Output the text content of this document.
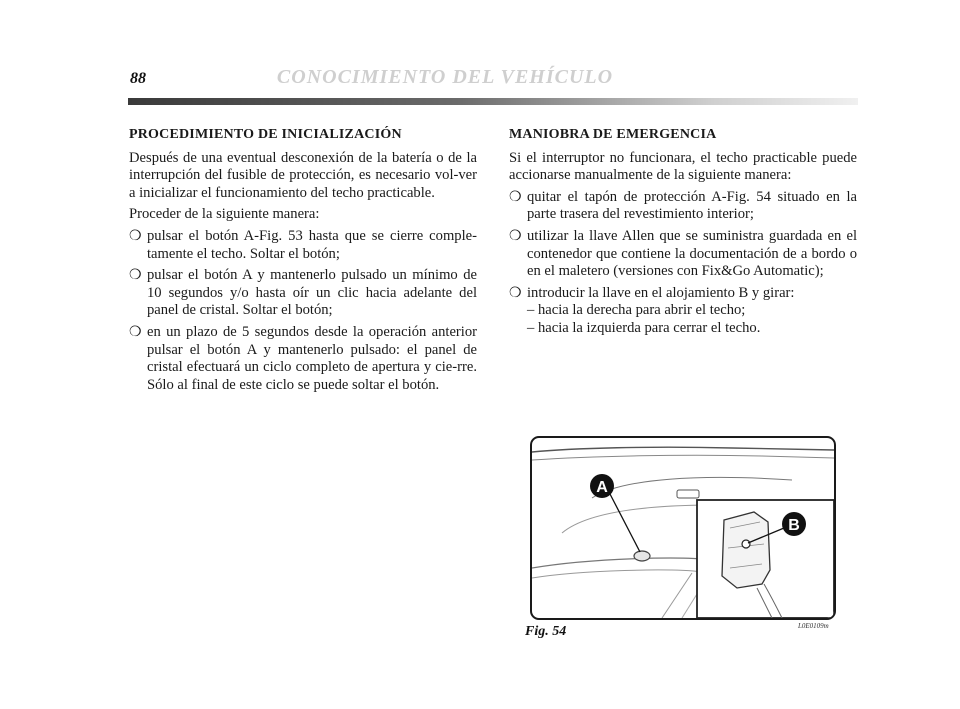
88	CONOCIMIENTO DEL VEHÍCULO
PROCEDIMIENTO DE INICIALIZACIÓN

Después de una eventual desconexión de la batería o de la interrupción del fusible de protección, es necesario vol-ver a inicializar el funcionamiento del techo practicable.

Proceder de la siguiente manera:

❍ pulsar el botón A-Fig. 53 hasta que se cierre comple-tamente el techo. Soltar el botón;
❍ pulsar el botón A y mantenerlo pulsado un mínimo de 10 segundos y/o hasta oír un clic hacia adelante del panel de cristal. Soltar el botón;
❍ en un plazo de 5 segundos desde la operación anterior pulsar el botón A y mantenerlo pulsado: el panel de cristal efectuará un ciclo completo de apertura y cie-rre. Sólo al final de este ciclo se puede soltar el botón.
MANIOBRA DE EMERGENCIA

Si el interruptor no funcionara, el techo practicable puede accionarse manualmente de la siguiente manera:

❍ quitar el tapón de protección A-Fig. 54 situado en la parte trasera del revestimiento interior;
❍ utilizar la llave Allen que se suministra guardada en el contenedor que contiene la documentación de a bordo o en el maletero (versiones con Fix&Go Automatic);
❍ introducir la llave en el alojamiento B y girar:
– hacia la derecha para abrir el techo;
– hacia la izquierda para cerrar el techo.
A
B
Fig. 54	L0E0109m
